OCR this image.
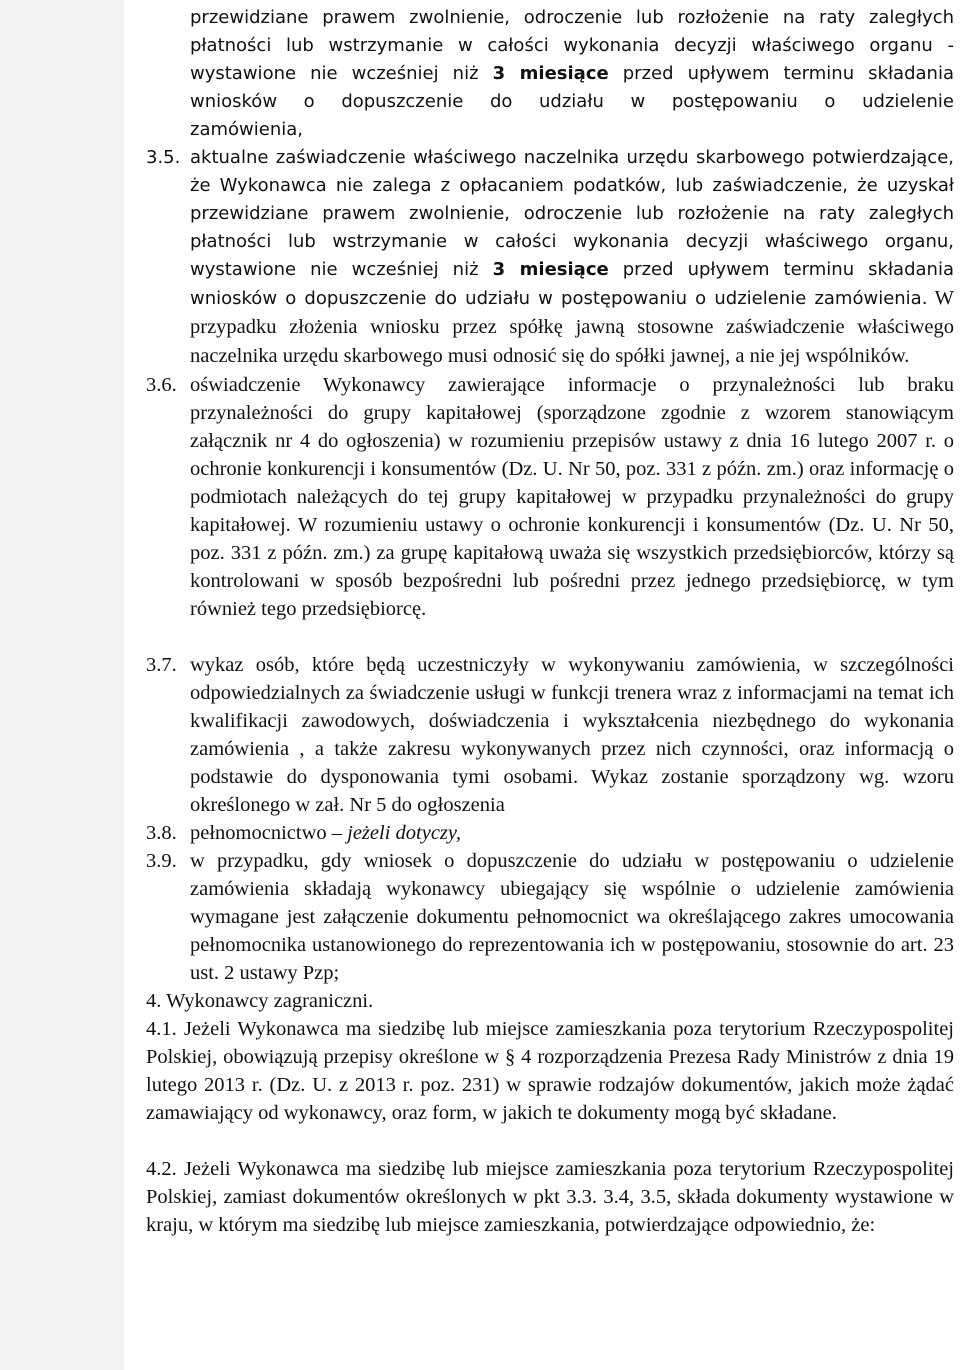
przewidziane prawem zwolnienie, odroczenie lub rozłożenie na raty zaległych
płatności lub wstrzymanie w całości wykonania decyzji właściwego organu -
wystawione nie wcześniej niż 3 miesiące przed upływem terminu składania
wniosków o dopuszczenie do udziału w postępowaniu o udzielenie
zamówienia,
3.5. aktualne zaświadczenie właściwego naczelnika urzędu skarbowego potwierdzające, że Wykonawca nie zalega z opłacaniem podatków, lub zaświadczenie, że uzyskał przewidziane prawem zwolnienie, odroczenie lub rozłożenie na raty zaległych płatności lub wstrzymanie w całości wykonania decyzji właściwego organu, wystawione nie wcześniej niż 3 miesiące przed upływem terminu składania wniosków o dopuszczenie do udziału w postępowaniu o udzielenie zamówienia. W przypadku złożenia wniosku przez spółkę jawną stosowne zaświadczenie właściwego naczelnika urzędu skarbowego musi odnosić się do spółki jawnej, a nie jej wspólników.
3.6. oświadczenie Wykonawcy zawierające informacje o przynależności lub braku przynależności do grupy kapitałowej (sporządzone zgodnie z wzorem stanowiącym załącznik nr 4 do ogłoszenia) w rozumieniu przepisów ustawy z dnia 16 lutego 2007 r. o ochronie konkurencji i konsumentów (Dz. U. Nr 50, poz. 331 z późn. zm.) oraz informację o podmiotach należących do tej grupy kapitałowej w przypadku przynależności do grupy kapitałowej. W rozumieniu ustawy o ochronie konkurencji i konsumentów (Dz. U. Nr 50, poz. 331 z późn. zm.) za grupę kapitałową uważa się wszystkich przedsiębiorców, którzy są kontrolowani w sposób bezpośredni lub pośredni przez jednego przedsiębiorcę, w tym również tego przedsiębiorcę.
3.7. wykaz osób, które będą uczestniczyły w wykonywaniu zamówienia, w szczególności odpowiedzialnych za świadczenie usługi w funkcji trenera wraz z informacjami na temat ich kwalifikacji zawodowych, doświadczenia i wykształcenia niezbędnego do wykonania zamówienia , a także zakresu wykonywanych przez nich czynności, oraz informacją o podstawie do dysponowania tymi osobami. Wykaz zostanie sporządzony wg. wzoru określonego w zał. Nr 5 do ogłoszenia
3.8. pełnomocnictwo – jeżeli dotyczy,
3.9. w przypadku, gdy wniosek o dopuszczenie do udziału w postępowaniu o udzielenie zamówienia składają wykonawcy ubiegający się wspólnie o udzielenie zamówienia wymagane jest załączenie dokumentu pełnomocnict wa określającego zakres umocowania pełnomocnika ustanowionego do reprezentowania ich w postępowaniu, stosownie do art. 23 ust. 2 ustawy Pzp;
4. Wykonawcy zagraniczni.
4.1. Jeżeli Wykonawca ma siedzibę lub miejsce zamieszkania poza terytorium Rzeczypospolitej Polskiej, obowiązują przepisy określone w § 4 rozporządzenia Prezesa Rady Ministrów z dnia 19 lutego 2013 r. (Dz. U. z 2013 r. poz. 231) w sprawie rodzajów dokumentów, jakich może żądać zamawiający od wykonawcy, oraz form, w jakich te dokumenty mogą być składane.
4.2. Jeżeli Wykonawca ma siedzibę lub miejsce zamieszkania poza terytorium Rzeczypospolitej Polskiej, zamiast dokumentów określonych w pkt 3.3. 3.4, 3.5, składa dokumenty wystawione w kraju, w którym ma siedzibę lub miejsce zamieszkania, potwierdzające odpowiednio, że:
